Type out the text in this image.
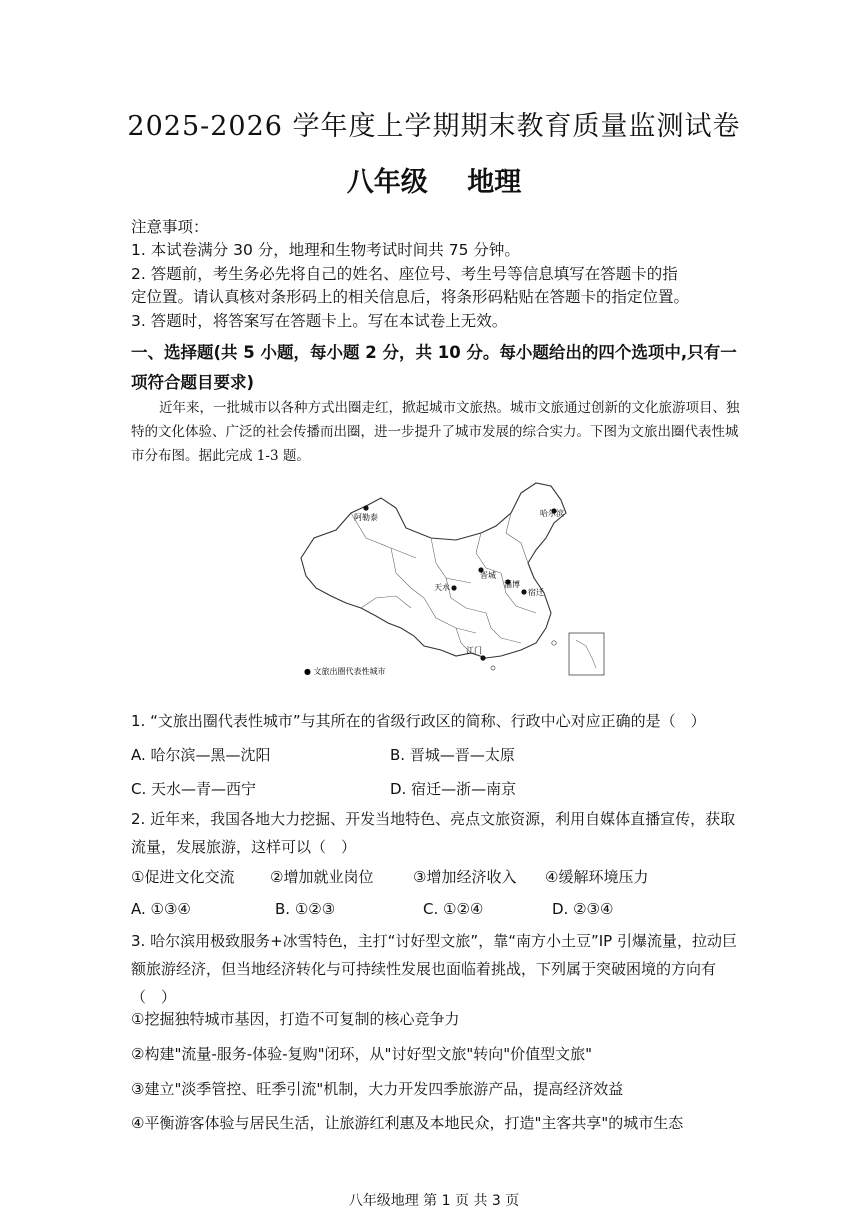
2025-2026 学年度上学期期末教育质量监测试卷
八年级 地理
注意事项：
1. 本试卷满分 30 分，地理和生物考试时间共 75 分钟。
2. 答题前，考生务必先将自己的姓名、座位号、考生号等信息填写在答题卡的指
定位置。请认真核对条形码上的相关信息后，将条形码粘贴在答题卡的指定位置。
3. 答题时，将答案写在答题卡上。写在本试卷上无效。
一、选择题(共 5 小题，每小题 2 分，共 10 分。每小题给出的四个选项中,只有一
项符合题目要求)
近年来，一批城市以各种方式出圈走红，掀起城市文旅热。城市文旅通过创新的文化旅游项目、独特的文化体验、广泛的社会传播而出圈，进一步提升了城市发展的综合实力。下图为文旅出圈代表性城市分布图。据此完成 1-3 题。
阿勒泰	哈尔滨
晋城
天水	淄博
宿迁
江门
● 文旅出圈代表性城市
1. “文旅出圈代表性城市”与其所在的省级行政区的简称、行政中心对应正确的是（　）
A. 哈尔滨—黑—沈阳	B. 晋城—晋—太原
C. 天水—青—西宁	D. 宿迁—浙—南京
2. 近年来，我国各地大力挖掘、开发当地特色、亮点文旅资源，利用自媒体直播宣传，获取流量，发展旅游，这样可以（　）
①促进文化交流 ②增加就业岗位	③增加经济收入 ④缓解环境压力
A. ①③④	B. ①②③	C. ①②④	D. ②③④
3. 哈尔滨用极致服务+冰雪特色，主打“讨好型文旅”，靠“南方小土豆”IP 引爆流量，拉动巨额旅游经济，但当地经济转化与可持续性发展也面临着挑战，下列属于突破困境的方向有（　）
①挖掘独特城市基因，打造不可复制的核心竞争力
②构建"流量-服务-体验-复购"闭环，从"讨好型文旅"转向"价值型文旅"
③建立"淡季管控、旺季引流"机制，大力开发四季旅游产品，提高经济效益
④平衡游客体验与居民生活，让旅游红利惠及本地民众，打造"主客共享"的城市生态
八年级地理 第 1 页 共 3 页
